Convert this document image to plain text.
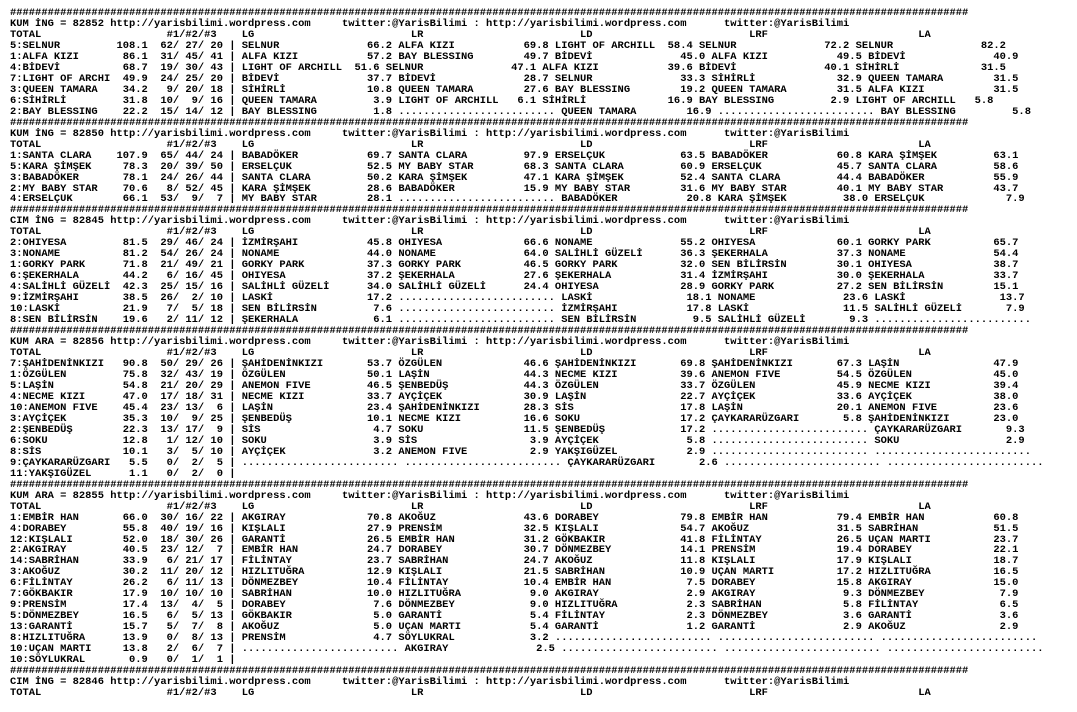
#########################################################################################################################################################
KUM İNG = 82852 http://yarisbilimi.wordpress.com     twitter:@YarisBilimi : http://yarisbilimi.wordpress.com      twitter:@YarisBilimi
TOTAL                    #1/#2/#3    LG                         LR                         LD                         LRF                        LA
5:SELNUR         108.1  62/ 27/ 20 | SELNUR              66.2 ALFA KIZI           69.8 LIGHT OF ARCHILL  58.4 SELNUR              72.2 SELNUR              82.2
1:ALFA KIZI       86.1  31/ 45/ 41 | ALFA KIZI           57.2 BAY BLESSING        49.7 BİDEVİ              45.0 ALFA KIZI           49.5 BİDEVİ              40.9
4:BİDEVİ          68.7  19/ 30/ 43 | LIGHT OF ARCHILL  51.6 SELNUR              47.1 ALFA KIZI           39.6 BİDEVİ              40.1 SİHİRLİ             31.5
7:LIGHT OF ARCHI  49.9  24/ 25/ 20 | BİDEVİ              37.7 BİDEVİ              28.7 SELNUR              33.3 SİHİRLİ             32.9 QUEEN TAMARA        31.5
3:QUEEN TAMARA    34.2   9/ 20/ 18 | SİHİRLİ             10.8 QUEEN TAMARA        27.6 BAY BLESSING        19.2 QUEEN TAMARA        31.5 ALFA KIZI           31.5
6:SİHİRLİ         31.8  10/  9/ 16 | QUEEN TAMARA         3.9 LIGHT OF ARCHILL   6.1 SİHİRLİ             16.9 BAY BLESSING         2.9 LIGHT OF ARCHILL   5.8
2:BAY BLESSING    22.2  15/ 14/ 12 | BAY BLESSING         1.8 ......................... QUEEN TAMARA        16.9 ......................... BAY BLESSING         5.8
#########################################################################################################################################################
KUM İNG = 82850 http://yarisbilimi.wordpress.com     twitter:@YarisBilimi : http://yarisbilimi.wordpress.com      twitter:@YarisBilimi
TOTAL                    #1/#2/#3    LG                         LR                         LD                         LRF                        LA
1:SANTA CLARA    107.9  65/ 44/ 24 | BABADÖKER           69.7 SANTA CLARA         97.9 ERSELÇUK            63.5 BABADÖKER           60.8 KARA ŞİMŞEK         63.1
5:KARA ŞİMŞEK     78.3  20/ 39/ 50 | ERSELÇUK            52.5 MY BABY STAR        68.3 SANTA CLARA         60.9 ERSELÇUK            45.7 SANTA CLARA         58.6
3:BABADÖKER       78.1  24/ 26/ 44 | SANTA CLARA         50.2 KARA ŞİMŞEK         47.1 KARA ŞİMŞEK         52.4 SANTA CLARA         44.4 BABADÖKER           55.9
2:MY BABY STAR    70.6   8/ 52/ 45 | KARA ŞİMŞEK         28.6 BABADÖKER           15.9 MY BABY STAR        31.6 MY BABY STAR        40.1 MY BABY STAR        43.7
4:ERSELÇUK        66.1  53/  9/  7 | MY BABY STAR        28.1 ......................... BABADÖKER           20.8 KARA ŞİMŞEK         38.0 ERSELÇUK             7.9
#########################################################################################################################################################
CIM İNG = 82845 http://yarisbilimi.wordpress.com     twitter:@YarisBilimi : http://yarisbilimi.wordpress.com      twitter:@YarisBilimi
TOTAL                    #1/#2/#3    LG                         LR                         LD                         LRF                        LA
2:OHIYESA         81.5  29/ 46/ 24 | İZMİRŞAHI           45.8 OHIYESA             66.6 NONAME              55.2 OHIYESA             60.1 GORKY PARK          65.7
3:NONAME          81.2  54/ 26/ 24 | NONAME              44.0 NONAME              64.0 SALİHLİ GÜZELİ      36.3 ŞEKERHALA           37.3 NONAME              54.4
1:GORKY PARK      71.8  21/ 49/ 21 | GORKY PARK          37.3 GORKY PARK          46.5 GORKY PARK          32.0 SEN BİLİRSİN        30.1 OHIYESA             38.7
6:ŞEKERHALA       44.2   6/ 16/ 45 | OHIYESA             37.2 ŞEKERHALA           27.6 ŞEKERHALA           31.4 İZMİRŞAHI           30.0 ŞEKERHALA           33.7
4:SALİHLİ GÜZELİ  42.3  25/ 15/ 16 | SALİHLİ GÜZELİ      34.0 SALİHLİ GÜZELİ      24.4 OHIYESA             28.9 GORKY PARK          27.2 SEN BİLİRSİN        15.1
9:İZMİRŞAHI       38.5  26/  2/ 10 | LASKİ               17.2 ......................... LASKİ               18.1 NONAME              23.6 LASKİ               13.7
10:LASKİ          21.9   7/  5/ 18 | SEN BİLİRSİN         7.6 ......................... İZMİRŞAHI           17.8 LASKİ               11.5 SALİHLİ GÜZELİ       7.9
8:SEN BİLİRSİN    19.6   2/ 11/ 12 | ŞEKERHALA            6.1 ......................... SEN BİLİRSİN         9.5 SALİHLİ GÜZELİ       9.3 .........................
#########################################################################################################################################################
KUM ARA = 82856 http://yarisbilimi.wordpress.com     twitter:@YarisBilimi : http://yarisbilimi.wordpress.com      twitter:@YarisBilimi
TOTAL                    #1/#2/#3    LG                         LR                         LD                         LRF                        LA
7:ŞAHİDENİNKIZI   90.8  50/ 29/ 26 | ŞAHİDENİNKIZI       53.7 ÖZGÜLEN             46.6 ŞAHİDENİNKIZI       69.8 ŞAHİDENİNKIZI       67.3 LAŞİN               47.9
1:ÖZGÜLEN         75.8  32/ 43/ 19 | ÖZGÜLEN             50.1 LAŞİN               44.3 NECME KIZI          39.6 ANEMON FIVE         54.5 ÖZGÜLEN             45.0
5:LAŞİN           54.8  21/ 20/ 29 | ANEMON FIVE         46.5 ŞENBEDÜŞ            44.3 ÖZGÜLEN             33.7 ÖZGÜLEN             45.9 NECME KIZI          39.4
4:NECME KIZI      47.0  17/ 18/ 31 | NECME KIZI          33.7 AYÇİÇEK             30.9 LAŞİN               22.7 AYÇİÇEK             33.6 AYÇİÇEK             38.0
10:ANEMON FIVE    45.4  23/ 13/  6 | LAŞİN               23.4 ŞAHİDENİNKIZI       28.3 SİS                 17.8 LAŞİN               20.1 ANEMON FIVE         23.6
3:AYÇİÇEK         35.3  10/  9/ 25 | ŞENBEDÜŞ            10.1 NECME KIZI          16.6 SOKU                17.2 ÇAYKARARÜZGARI       5.8 ŞAHİDENİNKIZI       23.0
2:ŞENBEDÜŞ        22.3  13/ 17/  9 | SİS                  4.7 SOKU                11.5 ŞENBEDÜŞ            17.2 ......................... ÇAYKARARÜZGARI       9.3
6:SOKU            12.8   1/ 12/ 10 | SOKU                 3.9 SİS                  3.9 AYÇİÇEK              5.8 ......................... SOKU                 2.9
8:SİS             10.1   3/  5/ 10 | AYÇİÇEK              3.2 ANEMON FIVE          2.9 YAKŞIGÜZEL           2.9 ......................... .........................
9:ÇAYKARARÜZGARI   5.5   0/  2/  5 | ......................... ......................... ÇAYKARARÜZGARI       2.6 ......................... .........................
11:YAKŞIGÜZEL      1.1   0/  2/  0 |
#########################################################################################################################################################
KUM ARA = 82855 http://yarisbilimi.wordpress.com     twitter:@YarisBilimi : http://yarisbilimi.wordpress.com      twitter:@YarisBilimi
TOTAL                    #1/#2/#3    LG                         LR                         LD                         LRF                        LA
1:EMBİR HAN       66.0  30/ 16/ 22 | AKGIRAY             70.8 AKOĞUZ              43.6 DORABEY             79.8 EMBİR HAN           79.4 EMBİR HAN           60.8
4:DORABEY         55.8  40/ 19/ 16 | KIŞLALI             27.9 PRENSİM             32.5 KIŞLALI             54.7 AKOĞUZ              31.5 SABRİHAN            51.5
12:KIŞLALI        52.0  18/ 30/ 26 | GARANTİ             26.5 EMBİR HAN           31.2 GÖKBAKIR            41.8 FİLİNTAY            26.5 UÇAN MARTI          23.7
2:AKGIRAY         40.5  23/ 12/  7 | EMBİR HAN           24.7 DORABEY             30.7 DÖNMEZBEY           14.1 PRENSİM             19.4 DORABEY             22.1
14:SABRİHAN       33.9   6/ 21/ 17 | FİLİNTAY            23.7 SABRİHAN            24.7 AKOĞUZ              11.8 KIŞLALI             17.9 KIŞLALI             18.7
3:AKOĞUZ          30.2  11/ 20/ 12 | HIZLITUĞRA          12.9 KIŞLALI             21.5 SABRİHAN            10.9 UÇAN MARTI          17.2 HIZLITUĞRA          16.5
6:FİLİNTAY        26.2   6/ 11/ 13 | DÖNMEZBEY           10.4 FİLİNTAY            10.4 EMBİR HAN            7.5 DORABEY             15.8 AKGIRAY             15.0
7:GÖKBAKIR        17.9  10/ 10/ 10 | SABRİHAN            10.0 HIZLITUĞRA           9.0 AKGIRAY              2.9 AKGIRAY              9.3 DÖNMEZBEY            7.9
9:PRENSİM         17.4  13/  4/  5 | DORABEY              7.6 DÖNMEZBEY            9.0 HIZLITUĞRA           2.3 SABRİHAN             5.8 FİLİNTAY             6.5
5:DÖNMEZBEY       16.5   6/  5/ 13 | GÖKBAKIR             5.0 GARANTİ              5.4 FİLİNTAY             2.3 DÖNMEZBEY            3.6 GARANTİ              3.6
13:GARANTİ        15.7   5/  7/  8 | AKOĞUZ               5.0 UÇAN MARTI           5.4 GARANTİ              1.2 GARANTİ              2.9 AKOĞUZ               2.9
8:HIZLITUĞRA      13.9   0/  8/ 13 | PRENSİM              4.7 SÖYLUKRAL            3.2 ......................... ......................... .........................
10:UÇAN MARTI     13.8   2/  6/  7 | ......................... AKGIRAY              2.5 ......................... ......................... .........................
10:SÖYLUKRAL       0.9   0/  1/  1 |
#########################################################################################################################################################
CIM İNG = 82846 http://yarisbilimi.wordpress.com     twitter:@YarisBilimi : http://yarisbilimi.wordpress.com      twitter:@YarisBilimi
TOTAL                    #1/#2/#3    LG                         LR                         LD                         LRF                        LA
